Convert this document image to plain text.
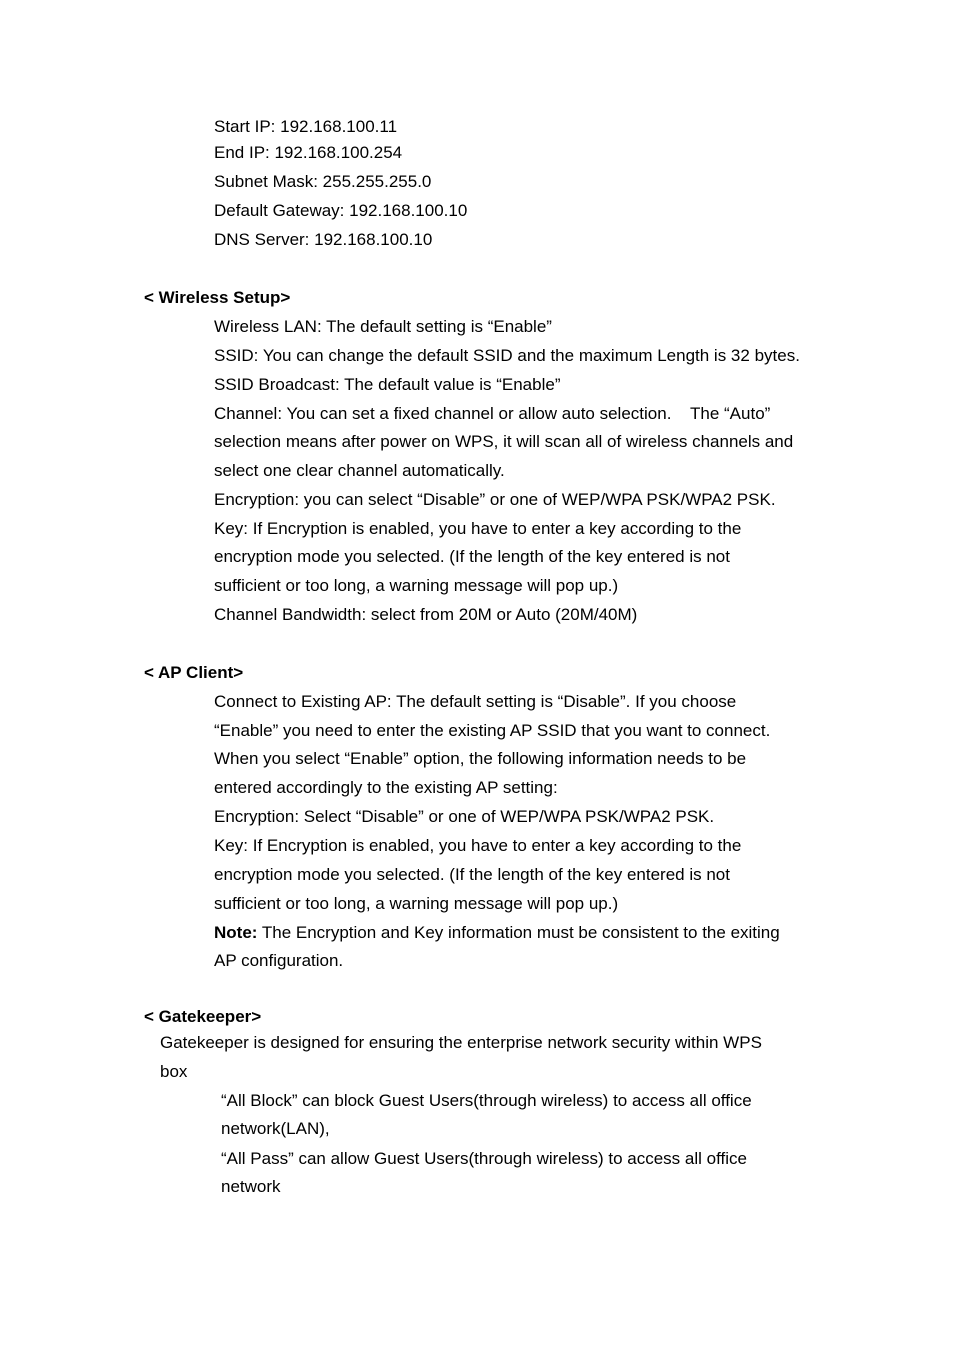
Start IP: 192.168.100.11
End IP: 192.168.100.254
Subnet Mask: 255.255.255.0
Default Gateway: 192.168.100.10
DNS Server: 192.168.100.10
< Wireless Setup>
Wireless LAN: The default setting is “Enable”
SSID: You can change the default SSID and the maximum Length is 32 bytes.
SSID Broadcast: The default value is “Enable”
Channel: You can set a fixed channel or allow auto selection.    The “Auto”
selection means after power on WPS, it will scan all of wireless channels and
select one clear channel automatically.
Encryption: you can select “Disable” or one of WEP/WPA PSK/WPA2 PSK.
Key: If Encryption is enabled, you have to enter a key according to the
encryption mode you selected. (If the length of the key entered is not
sufficient or too long, a warning message will pop up.)
Channel Bandwidth: select from 20M or Auto (20M/40M)
< AP Client>
Connect to Existing AP: The default setting is “Disable”. If you choose
“Enable” you need to enter the existing AP SSID that you want to connect.
When you select “Enable” option, the following information needs to be
entered accordingly to the existing AP setting:
Encryption: Select “Disable” or one of WEP/WPA PSK/WPA2 PSK.
Key: If Encryption is enabled, you have to enter a key according to the
encryption mode you selected. (If the length of the key entered is not
sufficient or too long, a warning message will pop up.)
Note: The Encryption and Key information must be consistent to the exiting
AP configuration.
< Gatekeeper>
Gatekeeper is designed for ensuring the enterprise network security within WPS
box
“All Block” can block Guest Users(through wireless) to access all office
network(LAN),
“All Pass” can allow Guest Users(through wireless) to access all office
network
